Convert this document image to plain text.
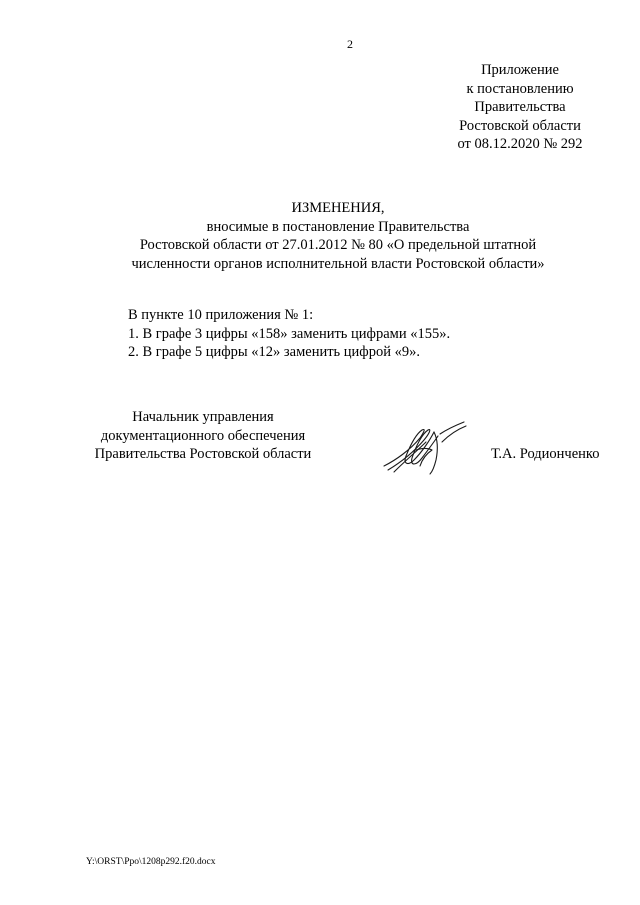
2
Приложение
к постановлению
Правительства
Ростовской области
от 08.12.2020 № 292
ИЗМЕНЕНИЯ,
вносимые в постановление Правительства
Ростовской области от 27.01.2012 № 80 «О предельной штатной
численности органов исполнительной власти Ростовской области»
В пункте 10 приложения № 1:
1. В графе 3 цифры «158» заменить цифрами «155».
2. В графе 5 цифры «12» заменить цифрой «9».
Начальник управления
документационного обеспечения
Правительства Ростовской области	Т.А. Родионченко
Y:\ORST\Ppo\1208p292.f20.docx
